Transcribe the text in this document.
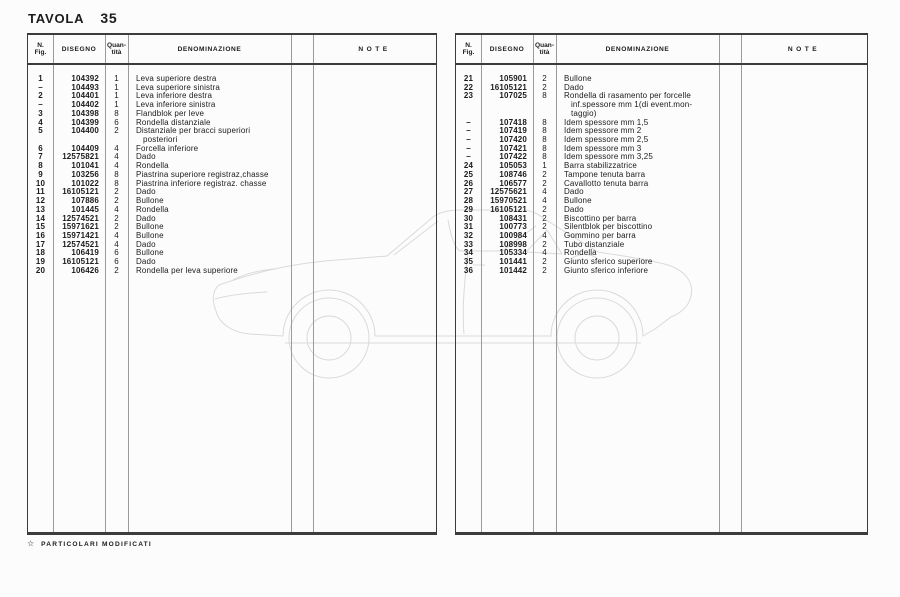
TAVOLA 35
N.
Fig.	DISEGNO
Quan-
tità	DENOMINAZIONE	NOTE
1	104392	1	Leva superiore destra
–	104493	1	Leva superiore sinistra
2	104401	1	Leva inferiore destra
–	104402	1	Leva inferiore sinistra
3	104398	8	Flandblok per leve
4	104399	6	Rondella distanziale
5	104400	2	Distanziale per bracci superiori
posteriori
6	104409	4	Forcella inferiore
7	12575821	4	Dado
8	101041	4	Rondella
9	103256	8	Piastrina superiore registraz,chasse
10	101022	8	Piastrina inferiore registraz. chasse
11	16105121	2	Dado
12	107886	2	Bullone
13	101445	4	Rondella
14	12574521	2	Dado
15	15971621	2	Bullone
16	15971421	4	Bullone
17	12574521	4	Dado
18	106419	6	Bullone
19	16105121	6	Dado
20	106426	2	Rondella per leva superiore
N.
Fig.	DISEGNO
Quan-
tità	DENOMINAZIONE	NOTE
21	105901	2	Bullone
22	16105121	2	Dado
23	107025	8	Rondella di rasamento per forcelle
inf.spessore mm 1(di event.mon-
taggio)
–	107418	8	Idem spessore mm 1,5
–	107419	8	Idem spessore mm 2
–	107420	8	Idem spessore mm 2,5
–	107421	8	Idem spessore mm 3
–	107422	8	Idem spessore mm 3,25
24	105053	1	Barra stabilizzatrice
25	108746	2	Tampone tenuta barra
26	106577	2	Cavallotto tenuta barra
27	12575621	4	Dado
28	15970521	4	Bullone
29	16105121	2	Dado
30	108431	2	Biscottino per barra
31	100773	2	Silentblok per biscottino
32	100984	4	Gommino per barra
33	108998	2	Tubo distanziale
34	105334	4	Rondella
35	101441	2	Giunto sferico superiore
36	101442	2	Giunto sferico inferiore
☆ PARTICOLARI MODIFICATI
